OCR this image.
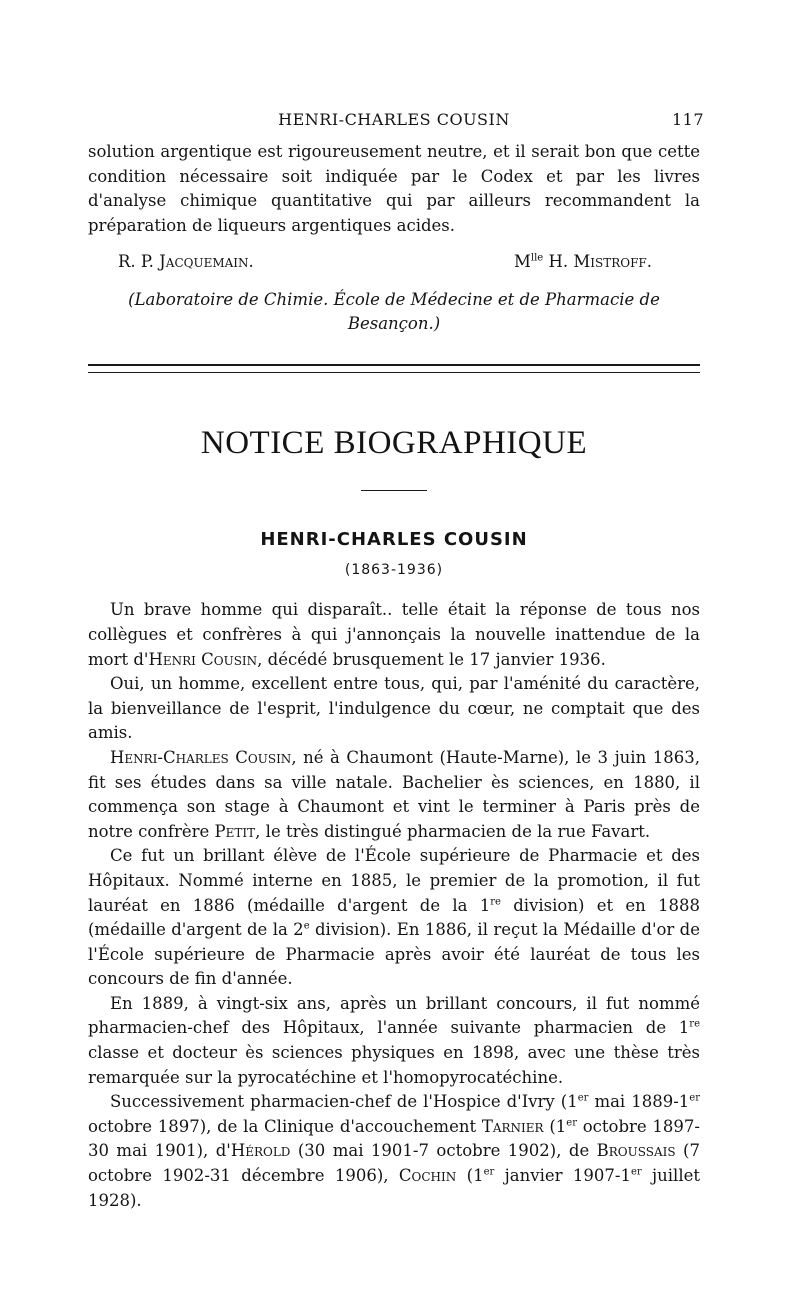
HENRI-CHARLES COUSIN	117

solution argentique est rigoureusement neutre, et il serait bon que cette condition nécessaire soit indiquée par le Codex et par les livres d'analyse chimique quantitative qui par ailleurs recommandent la préparation de liqueurs argentiques acides.

R. P. Jacquemain.	$M^{lle}$ H. Mistroff.
(Laboratoire de Chimie. École de Médecine et de Pharmacie de Besançon.)
NOTICE BIOGRAPHIQUE
HENRI-CHARLES COUSIN
(1863-1936)

Un brave homme qui disparaît.. telle était la réponse de tous nos collègues et confrères à qui j'annonçais la nouvelle inattendue de la mort d'Henri Cousin, décédé brusquement le 17 janvier 1936.

Oui, un homme, excellent entre tous, qui, par l'aménité du caractère, la bienveillance de l'esprit, l'indulgence du cœur, ne comptait que des amis.

Henri-Charles Cousin, né à Chaumont (Haute-Marne), le 3 juin 1863, fit ses études dans sa ville natale. Bachelier ès sciences, en 1880, il commença son stage à Chaumont et vint le terminer à Paris près de notre confrère Petit, le très distingué pharmacien de la rue Favart.

Ce fut un brillant élève de l'École supérieure de Pharmacie et des Hôpitaux. Nommé interne en 1885, le premier de la promotion, il fut lauréat en 1886 (médaille d'argent de la 1re division) et en 1888 (médaille d'argent de la 2e division). En 1886, il reçut la Médaille d'or de l'École supérieure de Pharmacie après avoir été lauréat de tous les concours de fin d'année.

En 1889, à vingt-six ans, après un brillant concours, il fut nommé pharmacien-chef des Hôpitaux, l'année suivante pharmacien de 1re classe et docteur ès sciences physiques en 1898, avec une thèse très remarquée sur la pyrocatéchine et l'homopyrocatéchine.

Successivement pharmacien-chef de l'Hospice d'Ivry (1er mai 1889-1er octobre 1897), de la Clinique d'accouchement Tarnier (1er octobre 1897-30 mai 1901), d'Hérold (30 mai 1901-7 octobre 1902), de Broussais (7 octobre 1902-31 décembre 1906), Cochin (1er janvier 1907-1er juillet 1928).
